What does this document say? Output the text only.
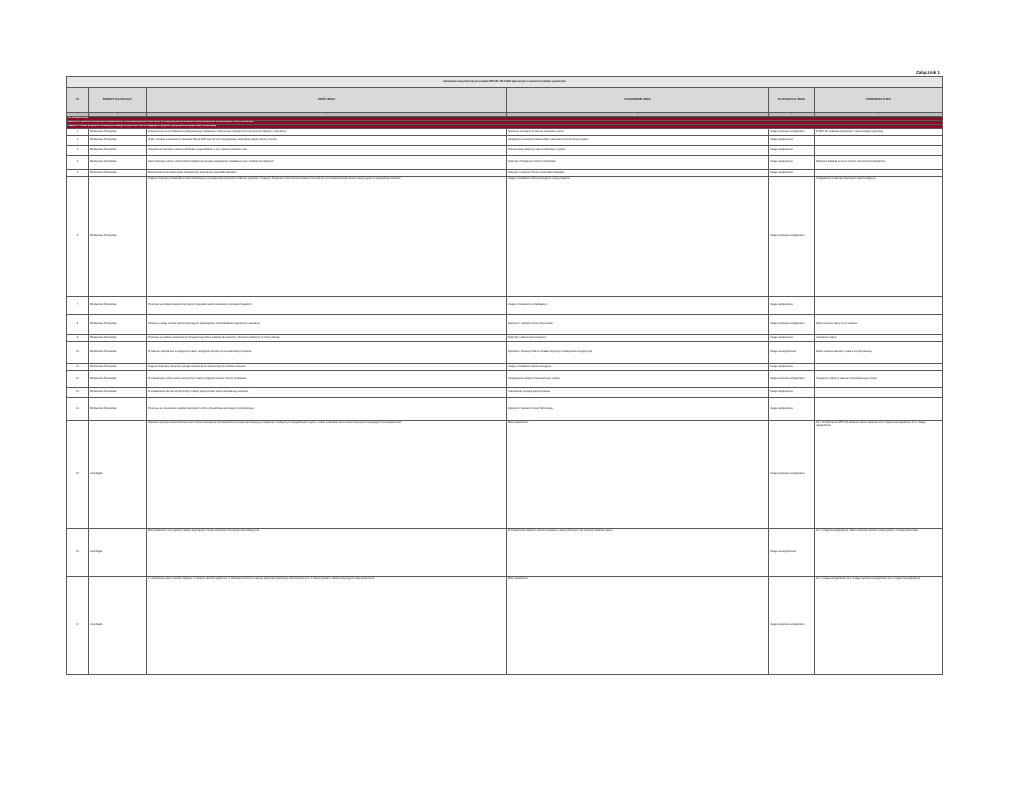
Załącznik 1
Zestawienie uwag dotyczących projektu RPO WL 2014-2020 zgłoszonych w ramach konsultacji społecznych					
LP.	PODMIOT ZGŁASZAJĄCY	TREŚĆ UWAGI	UZASADNIENIE UWAGI	KLASYFIKACJA UWAGI	STANOWISKO IZ RPO
1	2	3	4	5	6
WPROWADZENIE					
SEKCJA 1. WKŁAD PROGRAMU W REALIZACJĘ STRATEGII EUROPA 2020 ORAZ W OSIĄGNIĘCIE SPÓJNOŚCI GOSPODARCZEJ SPOŁECZNEJ I TERYTORIALNEJ					
Sekcja 1.1 Wkład programu w realizację strategii Europa 2020 oraz w osiągnięcie spójności gospodarczej społecznej i terytorialnej					
1	Ministerstwo Środowiska	W dokumencie nie przedstawiono ścisłego/jasnego powiązania z dokumentami strategicznymi na poziomie krajowym i regionalnym.	Spełnienie przesłanek w zakresie warunków ex-ante.	Uwaga częściowo uwzględniona	W RPO WL wskazano powiązania z celami strategii regionalnej.
2	Ministerstwo Środowiska	W pkt. 1 brakuje odniesienia do obszarów Natura 2000 oraz ich roli w przygotowaniu regionalnej polityki ochrony przyrody.	Uwzględnienie obszarów Natura 2000 w planowaniu przestrzennym regionu.	Uwaga uwzględniona	
3	Ministerstwo Środowiska	Uzupełnienie informacji o stanie środowiska w województwie, w tym o jakości powietrza i wód.	Potrzeba pełnej diagnozy stanu środowiska w regionie.	Uwaga uwzględniona	
4	Ministerstwo Środowiska	Zapis dotyczący ochrony różnorodności biologicznej wymaga uzupełnienia o działania na rzecz siedlisk przyrodniczych.	Spójność z Programem Ochrony Środowiska.	Uwaga uwzględniona	Wskazano działania na rzecz ochrony różnorodności biologicznej.
5	Ministerstwo Środowiska	Brak odniesienia do dokumentów strategicznych dotyczących gospodarki odpadami.	Spójność z Krajowym Planem Gospodarki Odpadami.	Uwaga uwzględniona	
6	Ministerstwo Środowiska	Fragment dotyczący infrastruktury wodno-kanalizacyjnej wymaga doprecyzowania w zakresie zgodności z Krajowym Programem Oczyszczania Ścieków Komunalnych oraz wskazania skali potrzeb inwestycyjnych w województwie lubelskim.	Uwaga o charakterze doprecyzowującym zapisy programu.	Uwaga częściowo uwzględniona	Uwzględniono w zakresie dotyczącym zapisów diagnozy.
7	Ministerstwo Środowiska	Proponuje się dodanie zapisów dotyczących gospodarki wodno-ściekowej na obszarach wiejskich.	Uwaga o charakterze porządkującym.	Uwaga uwzględniona	
8	Ministerstwo Środowiska	Zwraca się uwagę na brak zapisów dotyczących zapobiegania i przeciwdziałania zagrożeniom naturalnym.	Zgodność z zapisami Umowy Partnerstwa.	Uwaga częściowo uwzględniona	Doprecyzowano zapisy w tym zakresie.
9	Ministerstwo Środowiska	Proponuje się dodanie odniesienia do Strategicznego Planu Adaptacji dla sektorów i obszarów wrażliwych na zmiany klimatu.	Spójność z dokumentami krajowymi.	Uwaga uwzględniona	Uzupełniono zapisy.
10	Ministerstwo Środowiska	W zakresie efektywności energetycznej należy uwzględnić potrzeby termomodernizacji budynków.	Zgodność z Krajowym Planem Działań dotyczącym efektywności energetycznej.	Uwaga nieuwzględniona	Zakres wsparcia określony został w osi priorytetowej.
11	Ministerstwo Środowiska	Fragment dotyczący transportu wymaga odniesienia do niskoemisyjnych środków transportu.	Uwaga o charakterze doprecyzowującym.	Uwaga uwzględniona	
12	Ministerstwo Środowiska	W uzasadnieniu wyboru celów tematycznych należy uwzględnić kwestie ochrony środowiska.	Uwzględnienie zasady zrównoważonego rozwoju.	Uwaga częściowo uwzględniona	Uzupełniono zapisy w zakresie zrównoważonego rozwoju.
13	Ministerstwo Środowiska	W uzasadnieniu dla celu tematycznego 6 należy doprecyzować zakres planowanego wsparcia.	Uzasadnienie wymaga doprecyzowania.	Uwaga uwzględniona	
14	Ministerstwo Środowiska	Proponuje się uzupełnienie zapisów dotyczących ochrony dziedzictwa kulturowego i przyrodniczego.	Zgodność z zapisami Umowy Partnerstwa.	Uwaga uwzględniona	
15	Unia Rąglia	Wsparcie instytucji otoczenia biznesu oraz rozwój innowacyjności przedsiębiorstw wymaga wyraźniejszego powiązania z inteligentnymi specjalizacjami regionu, a także wskazania instrumentów finansowych wspierających przedsiębiorczość.	Brak uzasadnienia.	Uwaga częściowo uwzględniona	Ad 1. W dokumencie RPO WL wskazano zakres wsparcia. Ad 2. Uwaga nieuwzględniona. Ad 3. Uwaga uwzględniona.
16	Unia Rąglia	Brak wskazania w celu ogólnym zapisów dotyczących rozwoju technologii informacyjno-komunikacyjnych.	W uzasadnieniu wskazano potrzebę wsparcia e-usług publicznych oraz cyfryzacji zasobów regionu.	Uwaga nieuwzględniona	Ad 1. Uwaga nieuwzględniona. Zakres wsparcia określony został zgodnie z Umową Partnerstwa.
17	Unia Rąglia	1. Uzupełnienie opisu o kwestie związane z rozwojem ekonomii społecznej. 2. Wskazanie potrzeb w zakresie aktywizacji zawodowej osób wykluczonych. 3. Doprecyzowanie zapisów dotyczących usług społecznych.	Brak uzasadnienia.	Uwaga częściowo uwzględniona	Ad 1. Uwaga uwzględniona. Ad 2. Uwaga częściowo uwzględniona. Ad 3. Uwaga nieuwzględniona.
